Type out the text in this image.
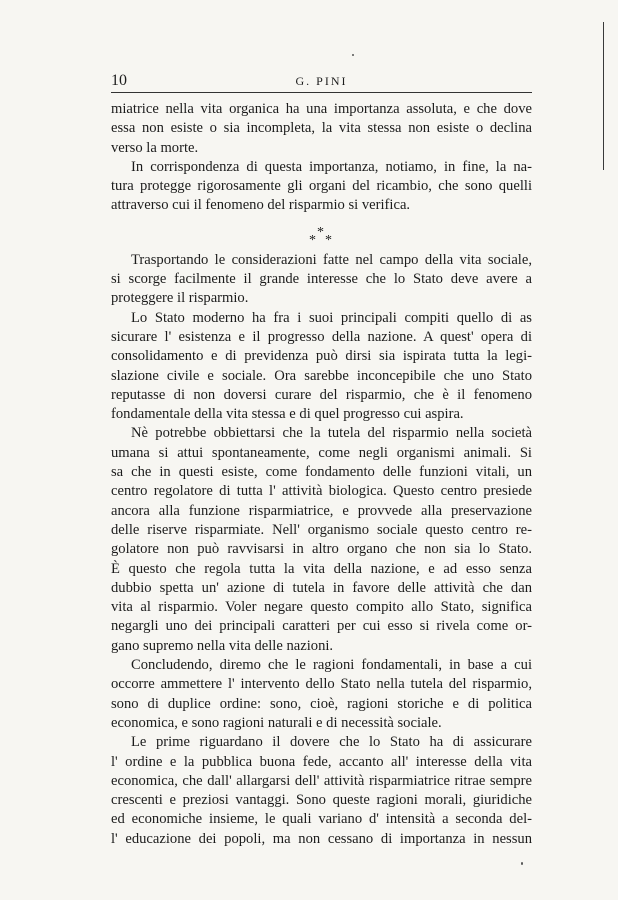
10	G. PINI
miatrice nella vita organica ha una importanza assoluta, e che dove
essa non esiste o sia incompleta, la vita stessa non esiste o declina
verso la morte.
In corrispondenza di questa importanza, notiamo, in fine, la na-
tura protegge rigorosamente gli organi del ricambio, che sono quelli
attraverso cui il fenomeno del risparmio si verifica.
*
* *
Trasportando le considerazioni fatte nel campo della vita sociale,
si scorge facilmente il grande interesse che lo Stato deve avere a
proteggere il risparmio.
Lo Stato moderno ha fra i suoi principali compiti quello di as
sicurare l' esistenza e il progresso della nazione. A quest' opera di
consolidamento e di previdenza può dirsi sia ispirata tutta la legi-
slazione civile e sociale. Ora sarebbe inconcepibile che uno Stato
reputasse di non doversi curare del risparmio, che è il fenomeno
fondamentale della vita stessa e di quel progresso cui aspira.
Nè potrebbe obbiettarsi che la tutela del risparmio nella società
umana si attui spontaneamente, come negli organismi animali. Si
sa che in questi esiste, come fondamento delle funzioni vitali, un
centro regolatore di tutta l' attività biologica. Questo centro presiede
ancora alla funzione risparmiatrice, e provvede alla preservazione
delle riserve risparmiate. Nell' organismo sociale questo centro re-
golatore non può ravvisarsi in altro organo che non sia lo Stato.
È questo che regola tutta la vita della nazione, e ad esso senza
dubbio spetta un' azione di tutela in favore delle attività che dan
vita al risparmio. Voler negare questo compito allo Stato, significa
negargli uno dei principali caratteri per cui esso si rivela come or-
gano supremo nella vita delle nazioni.
Concludendo, diremo che le ragioni fondamentali, in base a cui
occorre ammettere l' intervento dello Stato nella tutela del risparmio,
sono di duplice ordine: sono, cioè, ragioni storiche e di politica
economica, e sono ragioni naturali e di necessità sociale.
Le prime riguardano il dovere che lo Stato ha di assicurare
l' ordine e la pubblica buona fede, accanto all' interesse della vita
economica, che dall' allargarsi dell' attività risparmiatrice ritrae sempre
crescenti e preziosi vantaggi. Sono queste ragioni morali, giuridiche
ed economiche insieme, le quali variano d' intensità a seconda del-
l' educazione dei popoli, ma non cessano di importanza in nessun
